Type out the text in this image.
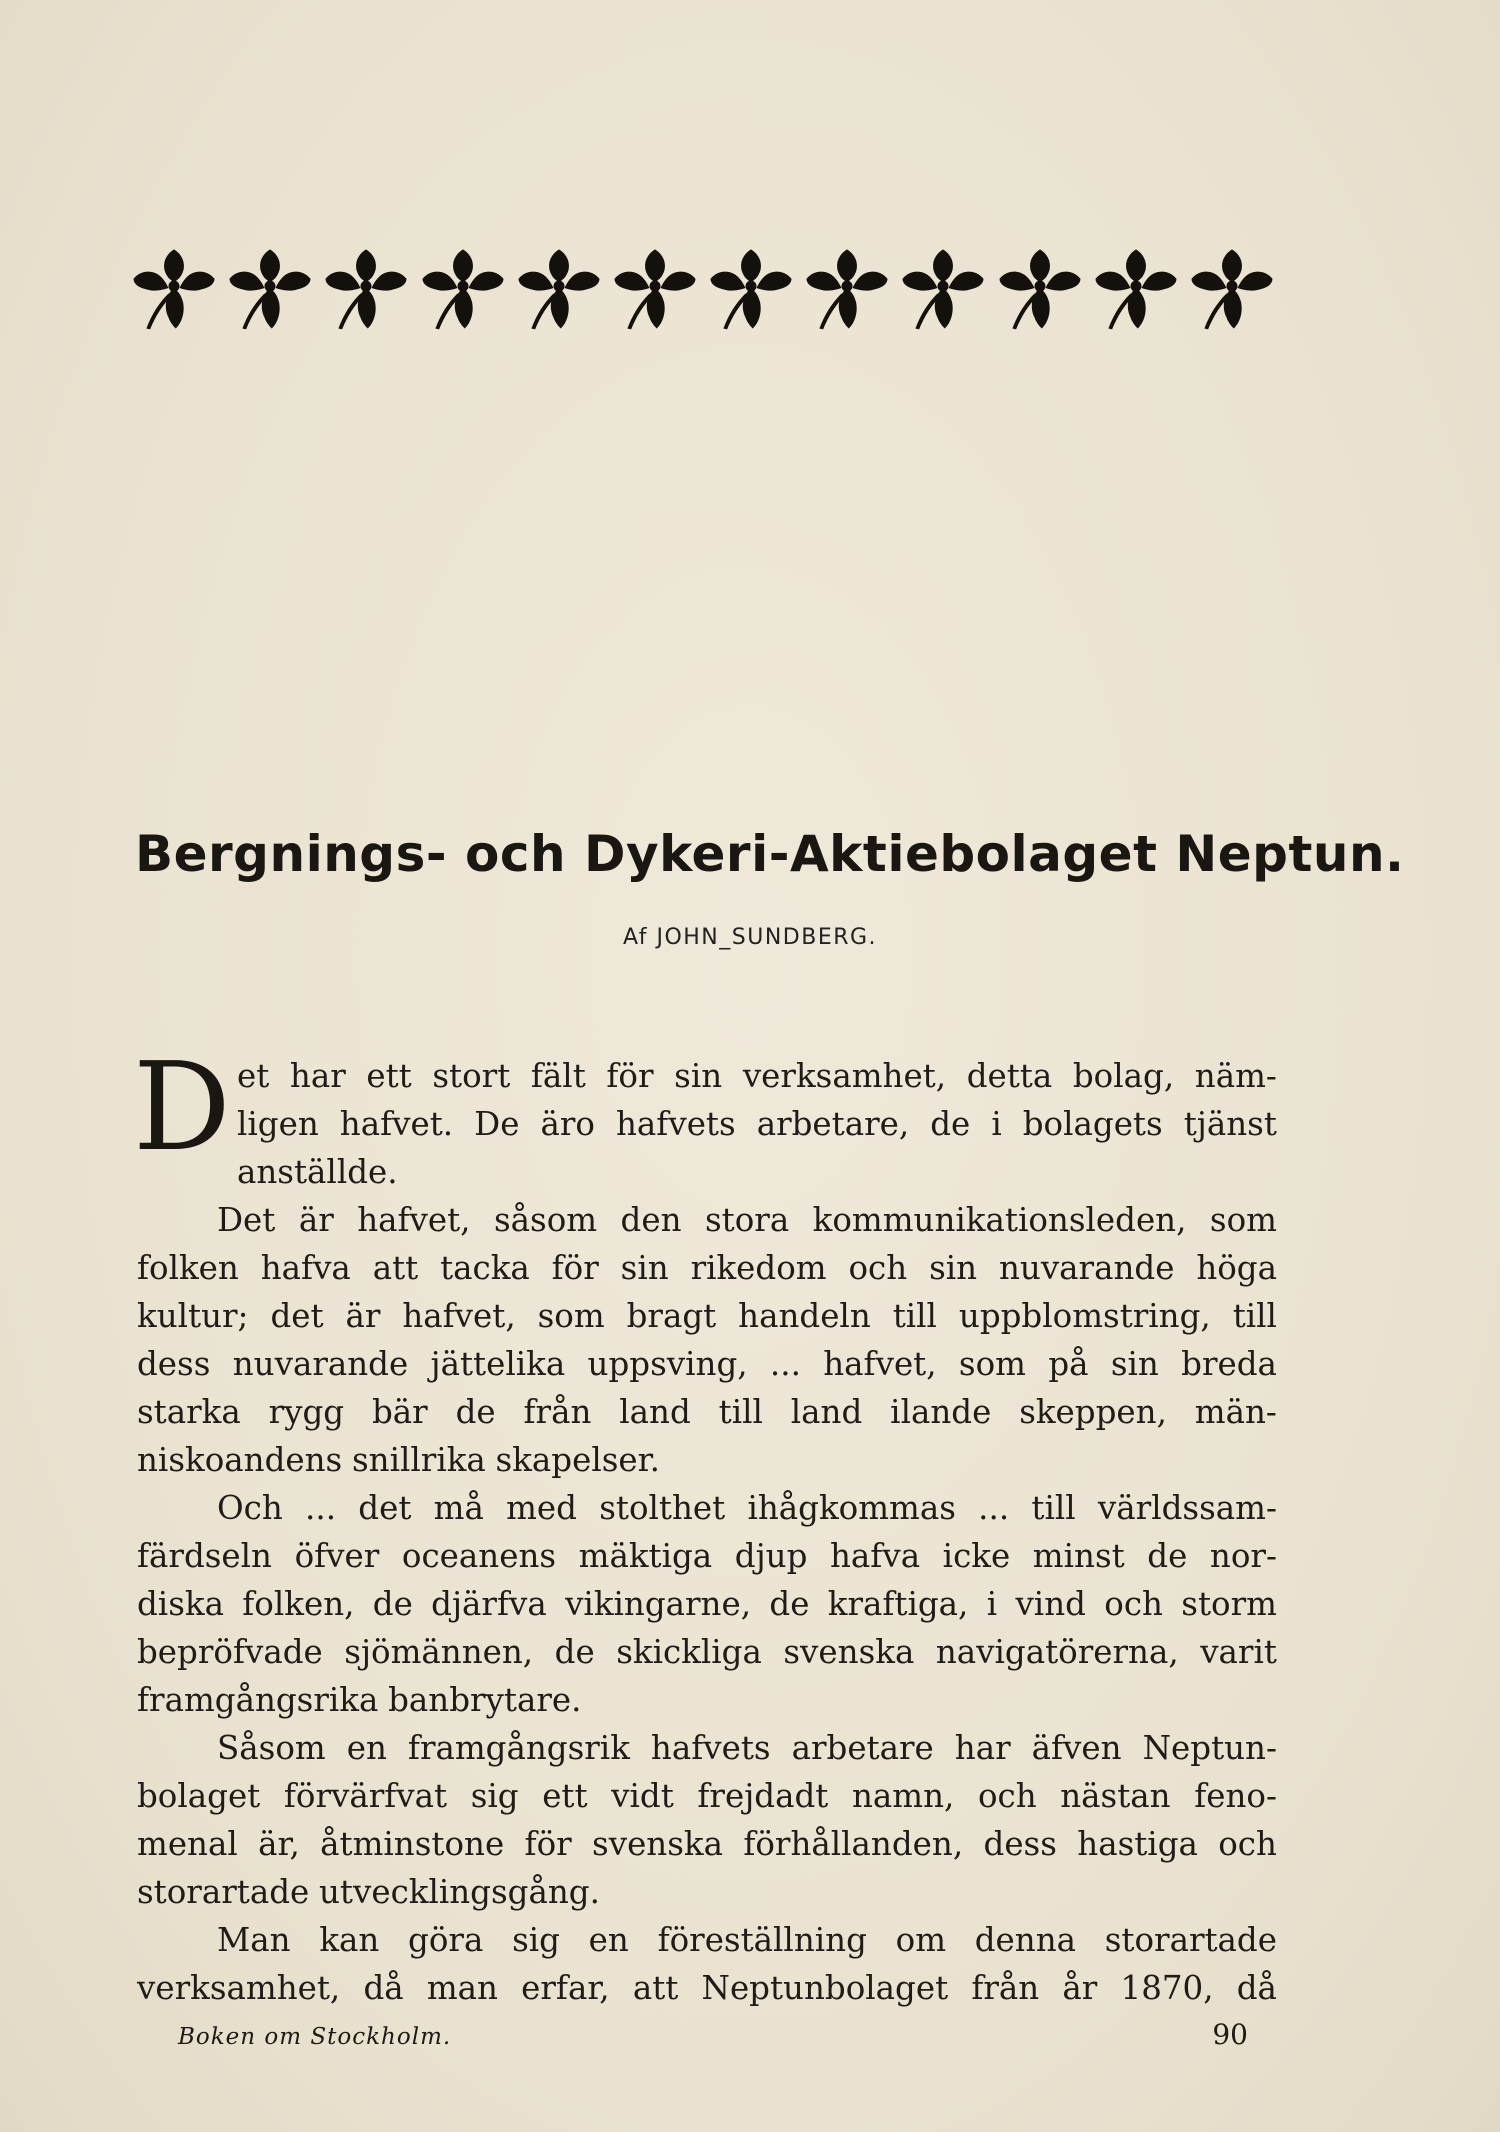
Bergnings- och Dykeri-Aktiebolaget Neptun.
Af JOHN_SUNDBERG.
et har ett stort fält för sin verksamhet, detta bolag, näm-
ligen hafvet. De äro hafvets arbetare, de i bolagets tjänst
anställde.
Det är hafvet, såsom den stora kommunikationsleden, som
folken hafva att tacka för sin rikedom och sin nuvarande höga
kultur; det är hafvet, som bragt handeln till uppblomstring, till
dess nuvarande jättelika uppsving, ... hafvet, som på sin breda
starka rygg bär de från land till land ilande skeppen, män-
niskoandens snillrika skapelser.
Och ... det må med stolthet ihågkommas ... till världssam-
färdseln öfver oceanens mäktiga djup hafva icke minst de nor-
diska folken, de djärfva vikingarne, de kraftiga, i vind och storm
bepröfvade sjömännen, de skickliga svenska navigatörerna, varit
framgångsrika banbrytare.
Såsom en framgångsrik hafvets arbetare har äfven Neptun-
bolaget förvärfvat sig ett vidt frejdadt namn, och nästan feno-
menal är, åtminstone för svenska förhållanden, dess hastiga och
storartade utvecklingsgång.
Man kan göra sig en föreställning om denna storartade
verksamhet, då man erfar, att Neptunbolaget från år 1870, då
D
Boken om Stockholm.	90
